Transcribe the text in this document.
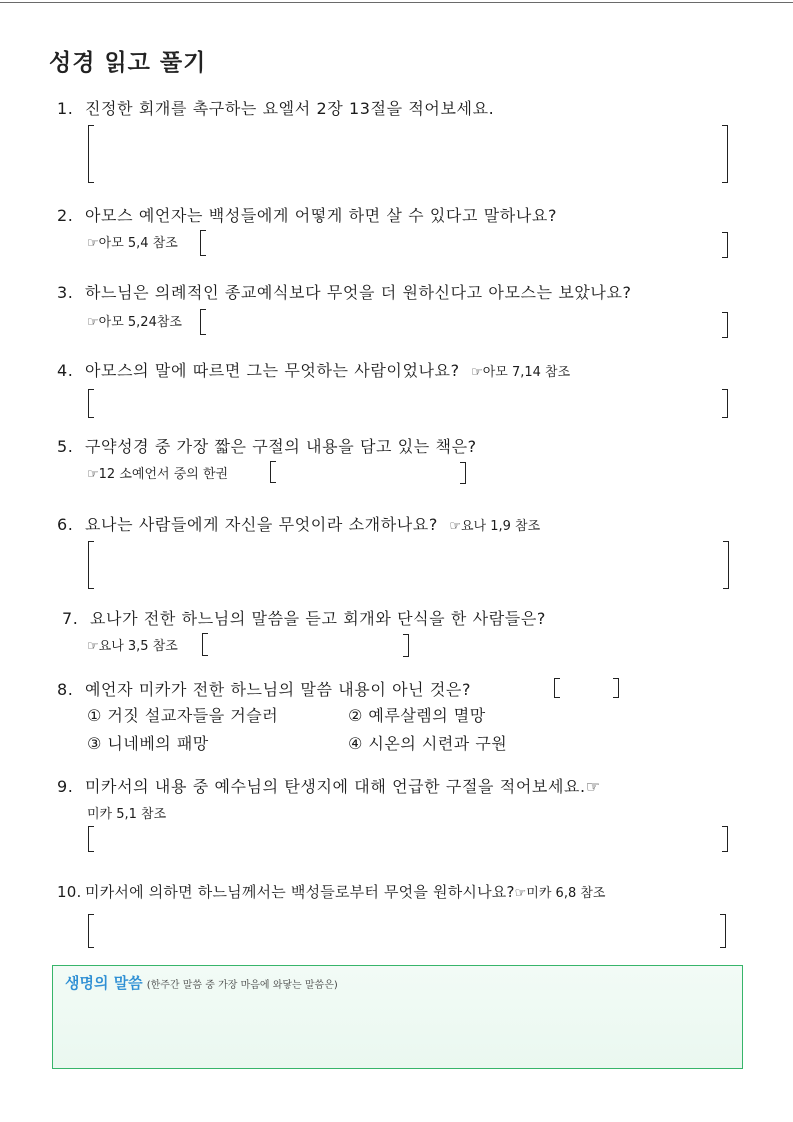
성경 읽고 풀기
1. 진정한 회개를 촉구하는 요엘서 2장 13절을 적어보세요.
2. 아모스 예언자는 백성들에게 어떻게 하면 살 수 있다고 말하나요?
☞아모 5,4 참조
3. 하느님은 의례적인 종교예식보다 무엇을 더 원하신다고 아모스는 보았나요?
☞아모 5,24참조
4. 아모스의 말에 따르면 그는 무엇하는 사람이었나요? ☞아모 7,14 참조
5. 구약성경 중 가장 짧은 구절의 내용을 담고 있는 책은?
☞12 소예언서 중의 한권
6. 요나는 사람들에게 자신을 무엇이라 소개하나요? ☞요나 1,9 참조
7. 요나가 전한 하느님의 말씀을 듣고 회개와 단식을 한 사람들은?
☞요나 3,5 참조
8. 예언자 미카가 전한 하느님의 말씀 내용이 아닌 것은?
① 거짓 설교자들을 거슬러	② 예루살렘의 멸망
③ 니네베의 패망	④ 시온의 시련과 구원
9. 미카서의 내용 중 예수님의 탄생지에 대해 언급한 구절을 적어보세요.☞
미카 5,1 참조
10. 미카서에 의하면 하느님께서는 백성들로부터 무엇을 원하시나요?☞미카 6,8 참조
생명의 말씀 (한주간 말씀 중 가장 마음에 와닿는 말씀은)
